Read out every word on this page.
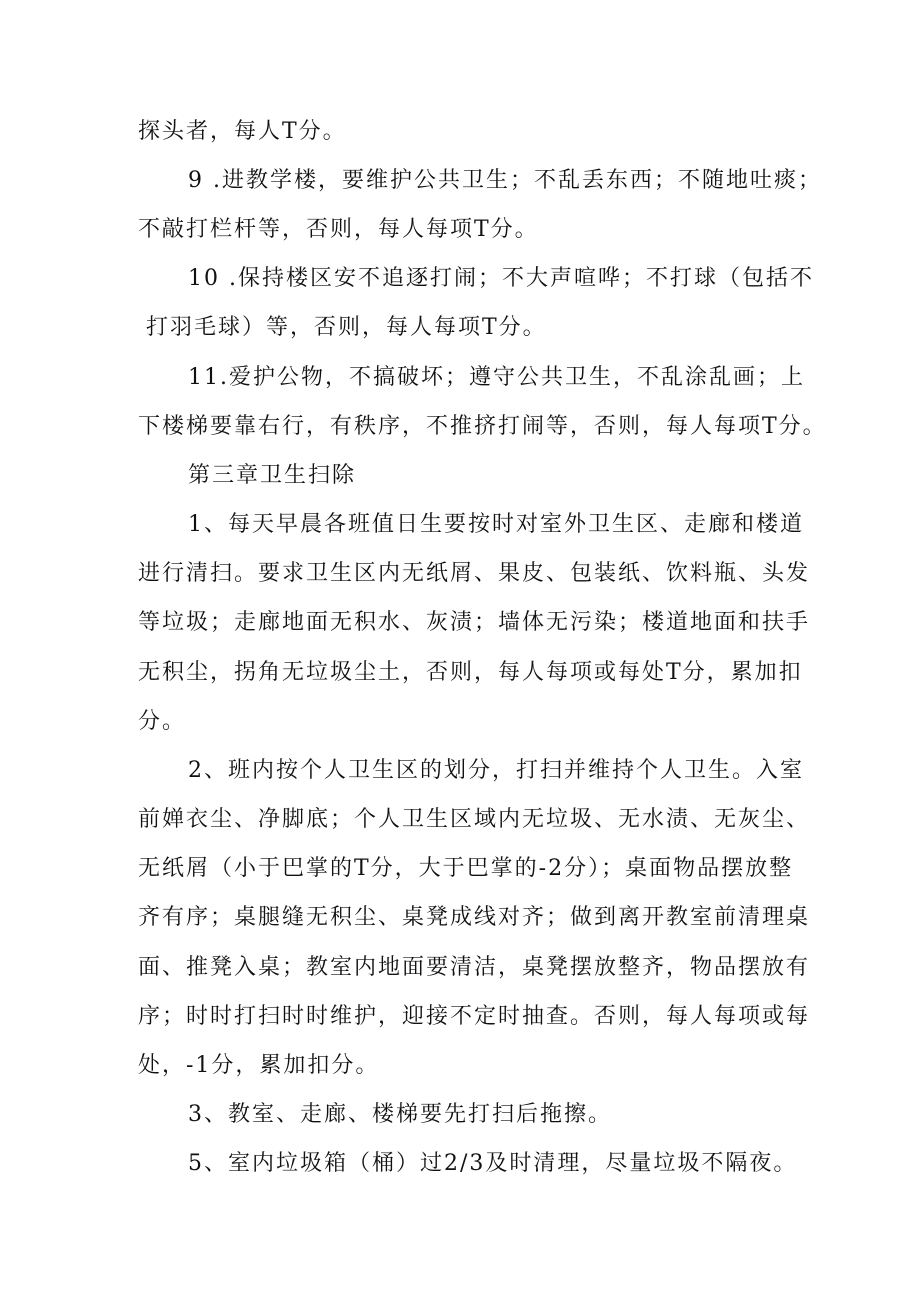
探头者，每人T分。
9 .进教学楼，要维护公共卫生；不乱丢东西；不随地吐痰；
不敲打栏杆等，否则，每人每项T分。
10 .保持楼区安不追逐打闹；不大声喧哗；不打球（包括不
打羽毛球）等，否则，每人每项T分。
11.爱护公物，不搞破坏；遵守公共卫生，不乱涂乱画；上
下楼梯要靠右行，有秩序，不推挤打闹等，否则，每人每项T分。
第三章卫生扫除
1、每天早晨各班值日生要按时对室外卫生区、走廊和楼道
进行清扫。要求卫生区内无纸屑、果皮、包装纸、饮料瓶、头发
等垃圾；走廊地面无积水、灰渍；墙体无污染；楼道地面和扶手
无积尘，拐角无垃圾尘土，否则，每人每项或每处T分，累加扣
分。
2、班内按个人卫生区的划分，打扫并维持个人卫生。入室
前婵衣尘、净脚底；个人卫生区域内无垃圾、无水渍、无灰尘、
无纸屑（小于巴掌的T分，大于巴掌的-2分）；桌面物品摆放整
齐有序；桌腿缝无积尘、桌凳成线对齐；做到离开教室前清理桌
面、推凳入桌；教室内地面要清洁，桌凳摆放整齐，物品摆放有
序；时时打扫时时维护，迎接不定时抽查。否则，每人每项或每
处，-1分，累加扣分。
3、教室、走廊、楼梯要先打扫后拖擦。
5、室内垃圾箱（桶）过2/3及时清理，尽量垃圾不隔夜。
